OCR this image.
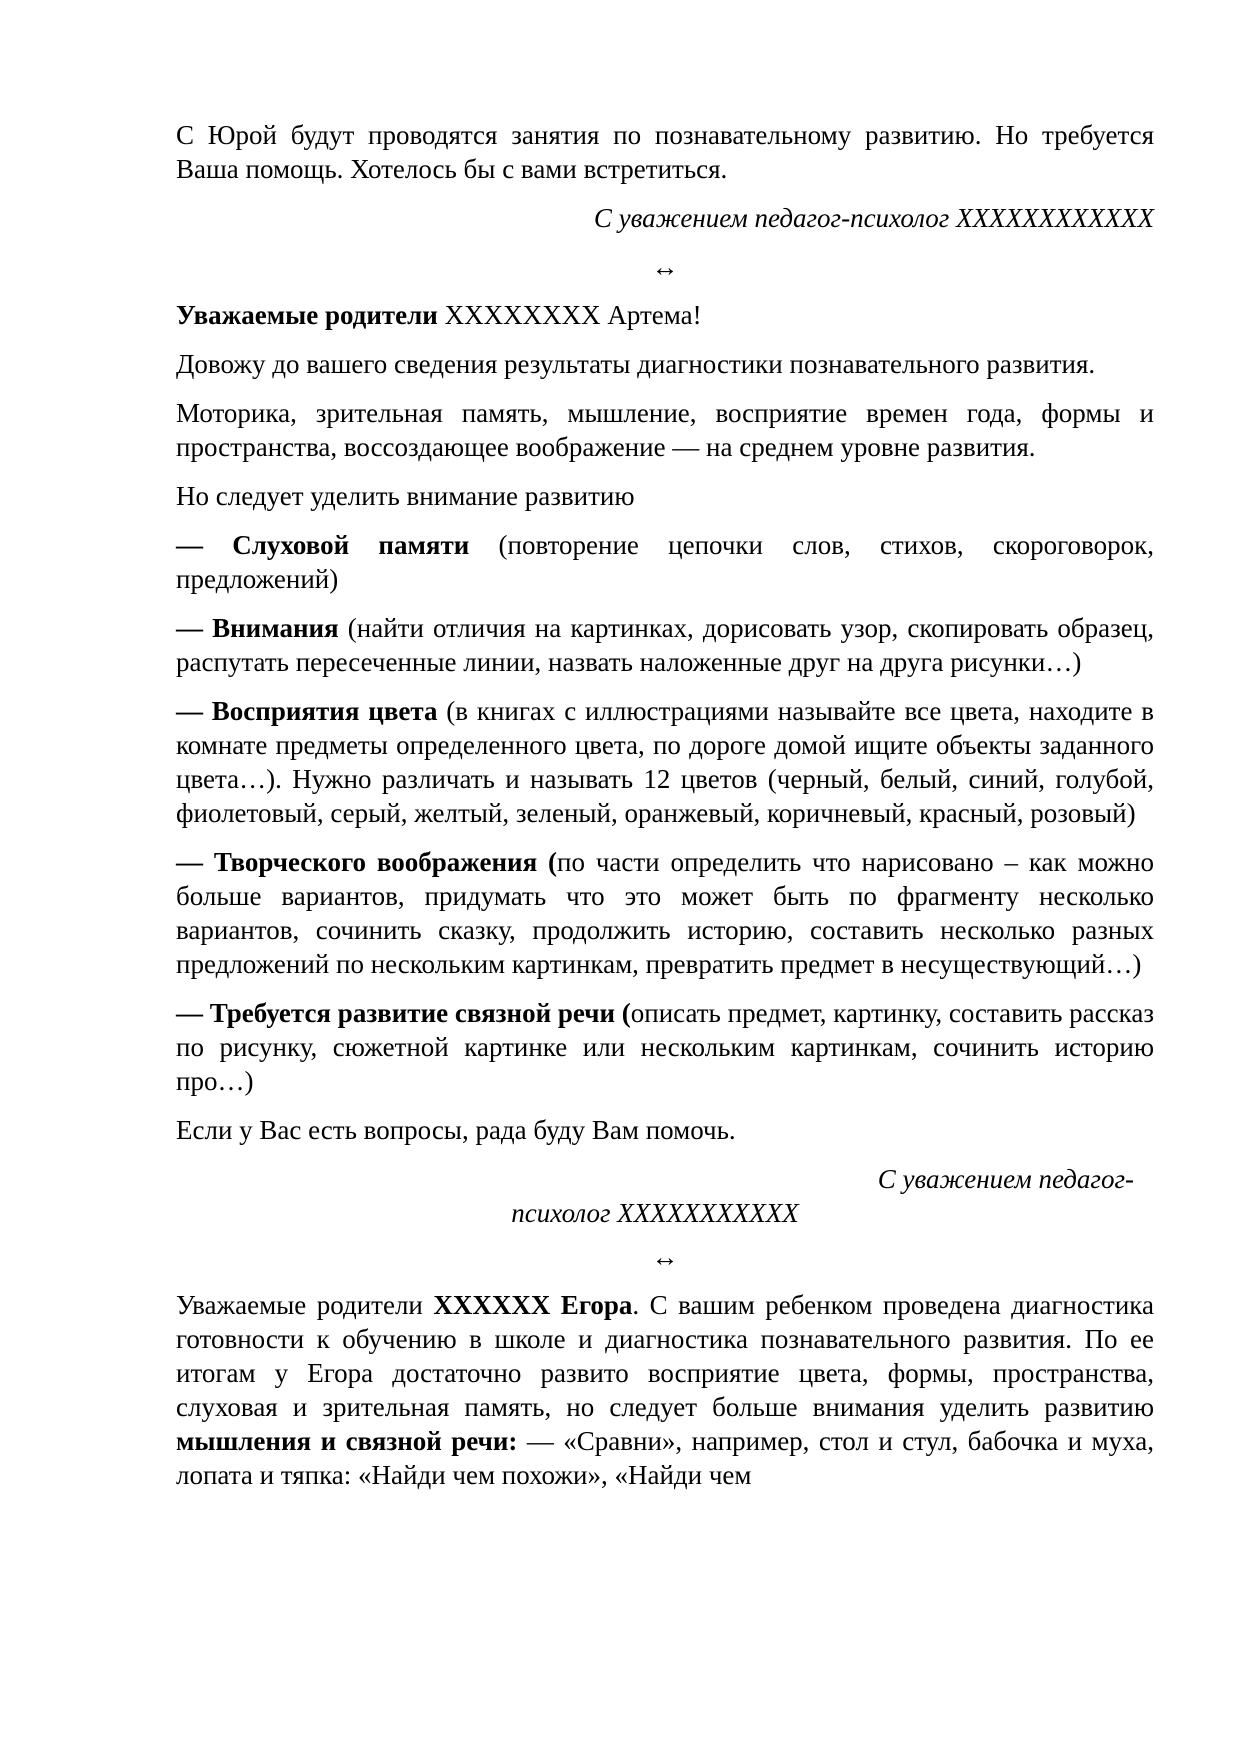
С Юрой будут проводятся занятия по познавательному развитию. Но требуется Ваша помощь. Хотелось бы с вами встретиться.

С уважением педагог-психолог ХХХХХХХХХХХХ

↔

Уважаемые родители ХХХХХХХХ Артема!

Довожу до вашего сведения результаты диагностики познавательного развития.

Моторика, зрительная память, мышление, восприятие времен года, формы и пространства, воссоздающее воображение — на среднем уровне развития.

Но следует уделить внимание развитию

— Слуховой памяти (повторение цепочки слов, стихов, скороговорок, предложений)

— Внимания (найти отличия на картинках, дорисовать узор, скопировать образец, распутать пересеченные линии, назвать наложенные друг на друга рисунки…)

— Восприятия цвета (в книгах с иллюстрациями называйте все цвета, находите в комнате предметы определенного цвета, по дороге домой ищите объекты заданного цвета…). Нужно различать и называть 12 цветов (черный, белый, синий, голубой, фиолетовый, серый, желтый, зеленый, оранжевый, коричневый, красный, розовый)

— Творческого воображения (по части определить что нарисовано – как можно больше вариантов, придумать что это может быть по фрагменту несколько вариантов, сочинить сказку, продолжить историю, составить несколько разных предложений по нескольким картинкам, превратить предмет в несуществующий…)

— Требуется развитие связной речи (описать предмет, картинку, составить рассказ по рисунку, сюжетной картинке или нескольким картинкам, сочинить историю про…)

Если у Вас есть вопросы, рада буду Вам помочь.

С уважением педагог-
психолог ХХХХХХХХХХХ
↔

Уважаемые родители ХХХХХХ Егора. С вашим ребенком проведена диагностика готовности к обучению в школе и диагностика познавательного развития. По ее итогам у Егора достаточно развито восприятие цвета, формы, пространства, слуховая и зрительная память, но следует больше внимания уделить развитию мышления и связной речи: — «Сравни», например, стол и стул, бабочка и муха, лопата и тяпка: «Найди чем похожи», «Найди чем
